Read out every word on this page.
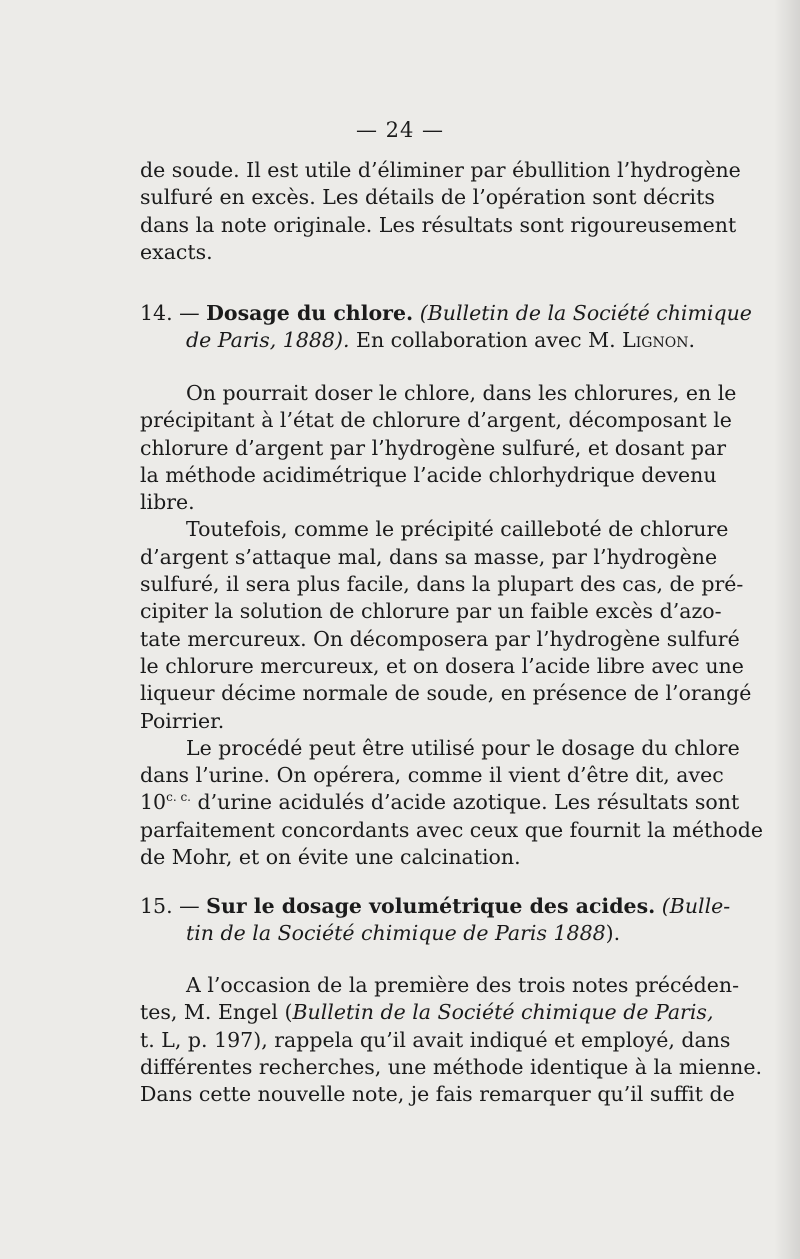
— 24 —
de soude. Il est utile d’éliminer par ébullition l’hydrogène
sulfuré en excès. Les détails de l’opération sont décrits
dans la note originale. Les résultats sont rigoureusement
exacts.
14. — Dosage du chlore. (Bulletin de la Société chimique
de Paris, 1888). En collaboration avec M. Lignon.
On pourrait doser le chlore, dans les chlorures, en le
précipitant à l’état de chlorure d’argent, décomposant le
chlorure d’argent par l’hydrogène sulfuré, et dosant par
la méthode acidimétrique l’acide chlorhydrique devenu
libre.
Toutefois, comme le précipité cailleboté de chlorure
d’argent s’attaque mal, dans sa masse, par l’hydrogène
sulfuré, il sera plus facile, dans la plupart des cas, de pré-
cipiter la solution de chlorure par un faible excès d’azo-
tate mercureux. On décomposera par l’hydrogène sulfuré
le chlorure mercureux, et on dosera l’acide libre avec une
liqueur décime normale de soude, en présence de l’orangé
Poirrier.
Le procédé peut être utilisé pour le dosage du chlore
dans l’urine. On opérera, comme il vient d’être dit, avec
$10^{c. c.}$ d’urine acidulés d’acide azotique. Les résultats sont
parfaitement concordants avec ceux que fournit la méthode
de Mohr, et on évite une calcination.
15. — Sur le dosage volumétrique des acides. (Bulle-
tin de la Société chimique de Paris 1888).
A l’occasion de la première des trois notes précéden-
tes, M. Engel (Bulletin de la Société chimique de Paris,
t. L, p. 197), rappela qu’il avait indiqué et employé, dans
différentes recherches, une méthode identique à la mienne.
Dans cette nouvelle note, je fais remarquer qu’il suffit de
